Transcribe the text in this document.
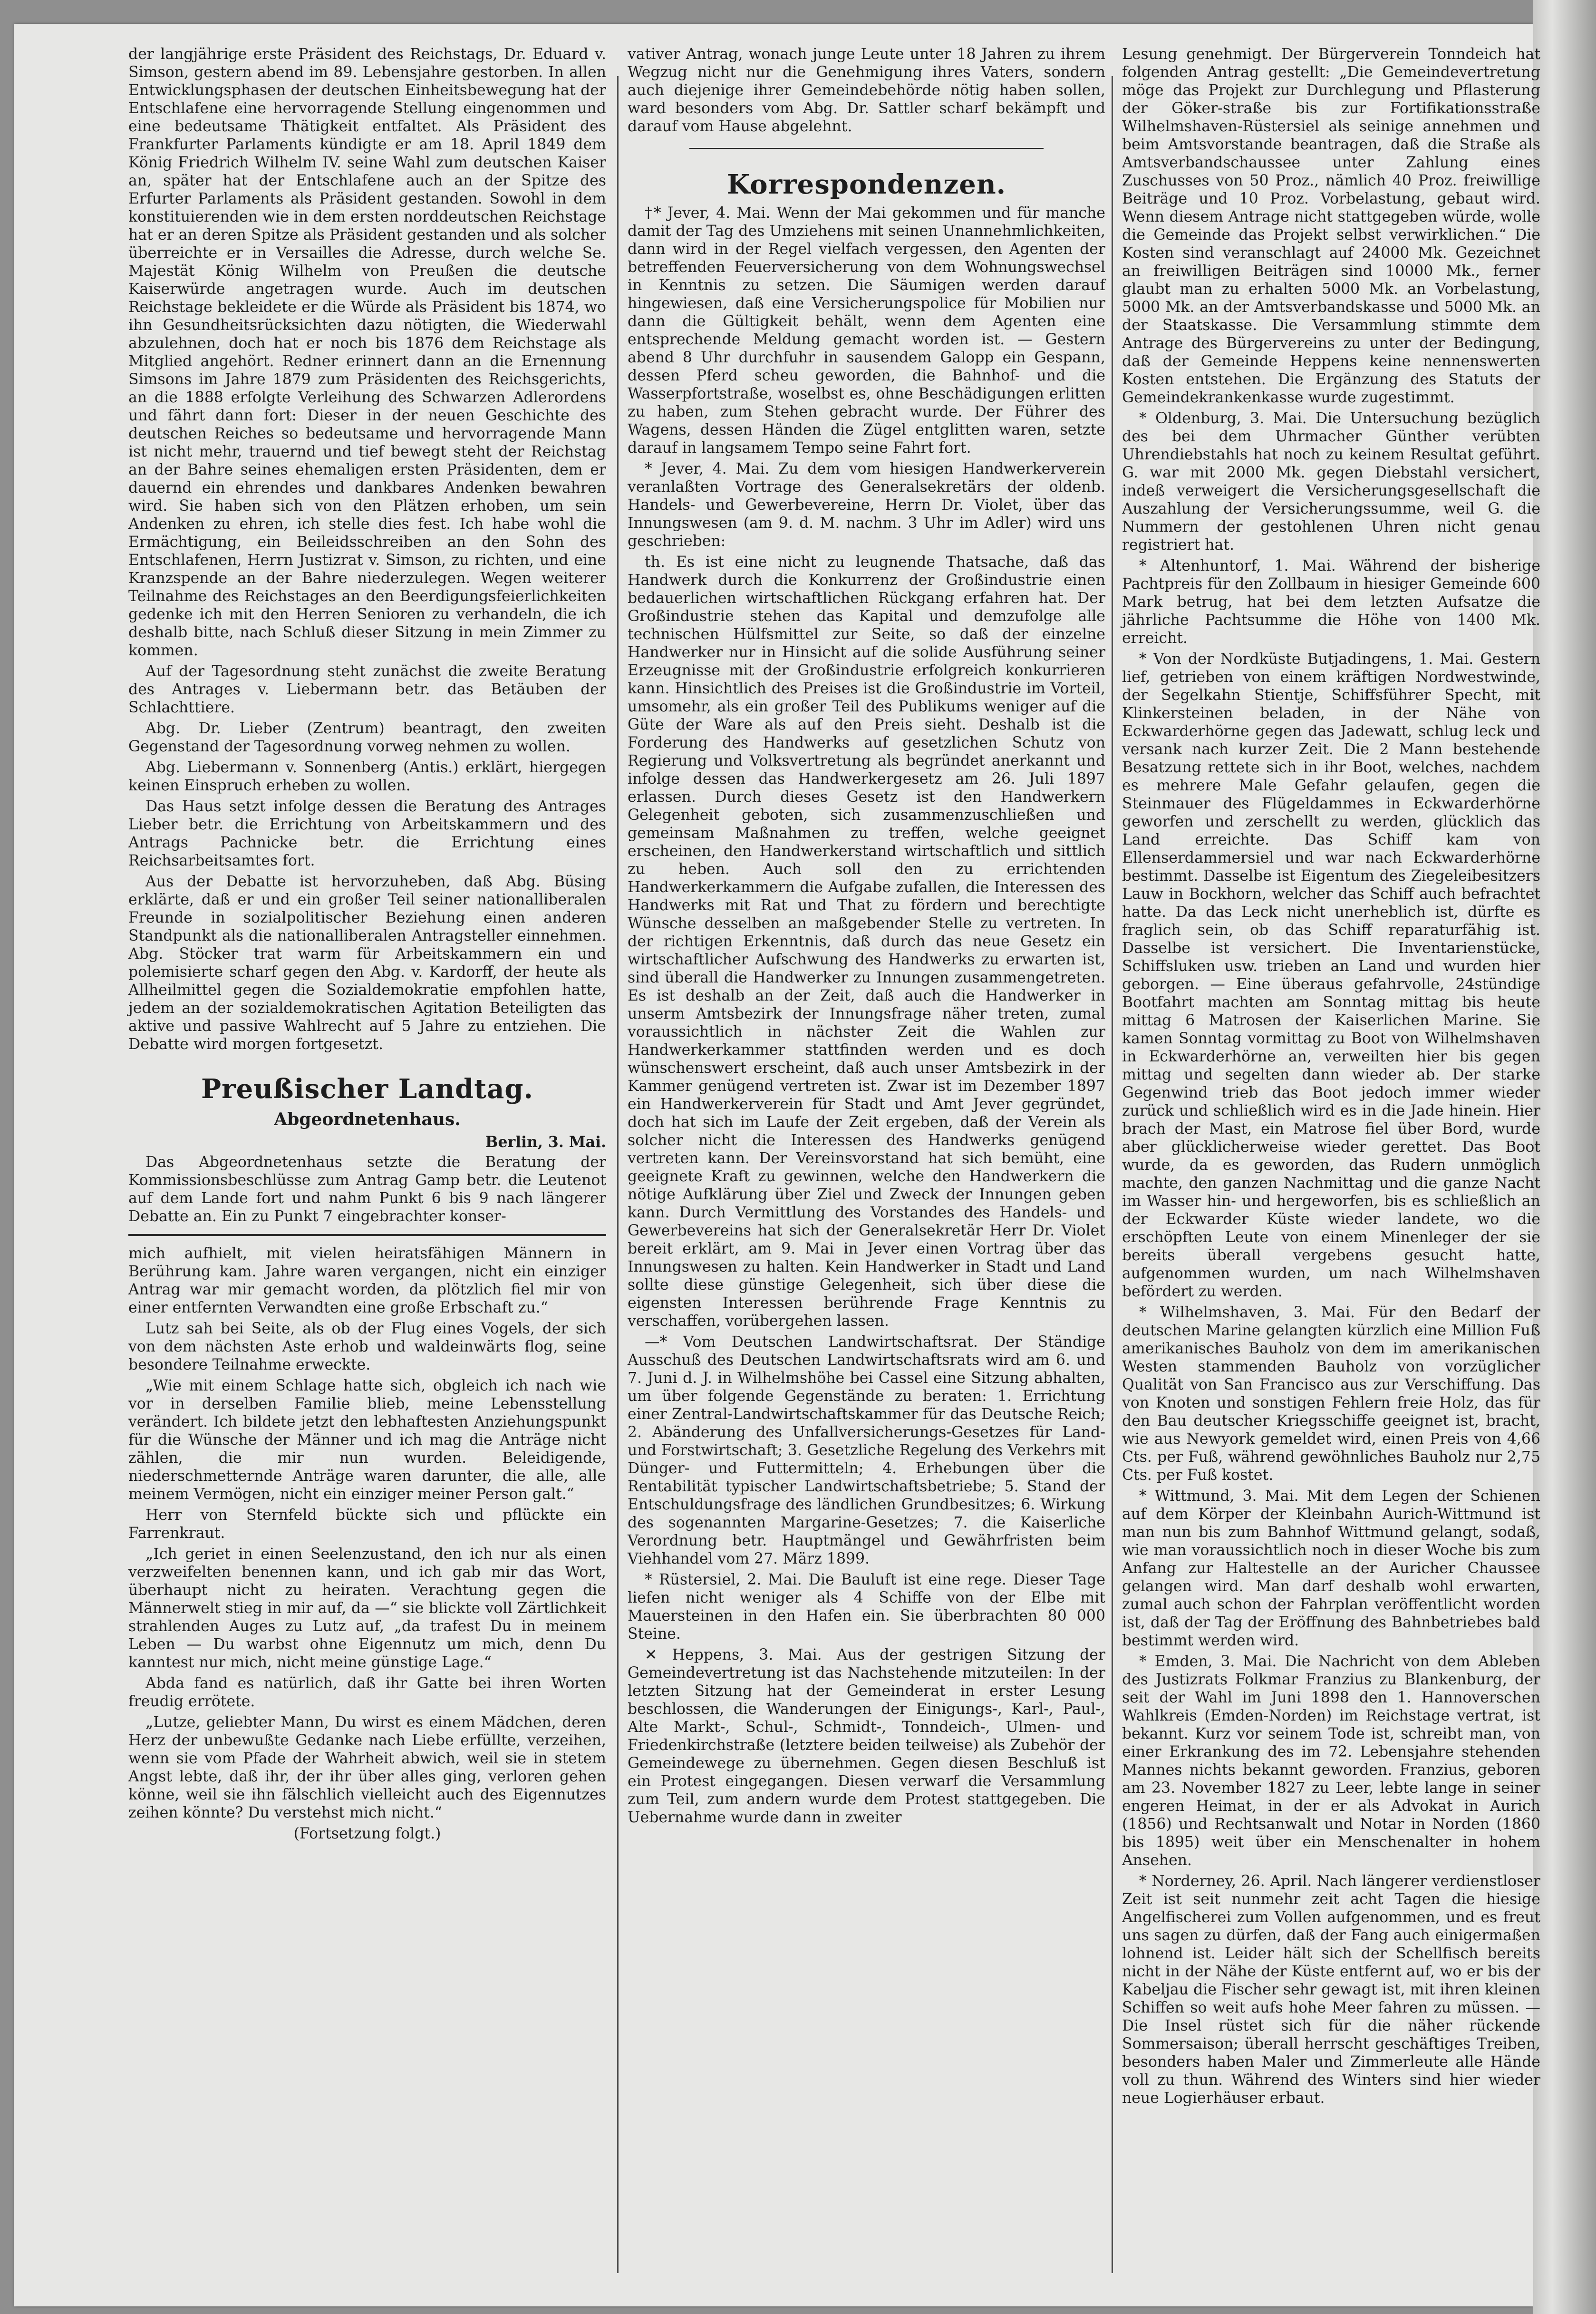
der langjährige erste Präsident des Reichstags, Dr. Eduard v. Simson, gestern abend im 89. Lebensjahre gestorben. In allen Entwicklungsphasen der deutschen Einheitsbewegung hat der Entschlafene eine hervorragende Stellung eingenommen und eine bedeutsame Thätigkeit entfaltet. Als Präsident des Frankfurter Parlaments kündigte er am 18. April 1849 dem König Friedrich Wilhelm IV. seine Wahl zum deutschen Kaiser an, später hat der Entschlafene auch an der Spitze des Erfurter Parlaments als Präsident gestanden. Sowohl in dem konstituierenden wie in dem ersten norddeutschen Reichstage hat er an deren Spitze als Präsident gestanden und als solcher überreichte er in Versailles die Adresse, durch welche Se. Majestät König Wilhelm von Preußen die deutsche Kaiserwürde angetragen wurde. Auch im deutschen Reichstage bekleidete er die Würde als Präsident bis 1874, wo ihn Gesundheitsrücksichten dazu nötigten, die Wiederwahl abzulehnen, doch hat er noch bis 1876 dem Reichstage als Mitglied angehört. Redner erinnert dann an die Ernennung Simsons im Jahre 1879 zum Präsidenten des Reichsgerichts, an die 1888 erfolgte Verleihung des Schwarzen Adlerordens und fährt dann fort: Dieser in der neuen Geschichte des deutschen Reiches so bedeutsame und hervorragende Mann ist nicht mehr, trauernd und tief bewegt steht der Reichstag an der Bahre seines ehemaligen ersten Präsidenten, dem er dauernd ein ehrendes und dankbares Andenken bewahren wird. Sie haben sich von den Plätzen erhoben, um sein Andenken zu ehren, ich stelle dies fest. Ich habe wohl die Ermächtigung, ein Beileidsschreiben an den Sohn des Entschlafenen, Herrn Justizrat v. Simson, zu richten, und eine Kranzspende an der Bahre niederzulegen. Wegen weiterer Teilnahme des Reichstages an den Beerdigungsfeierlichkeiten gedenke ich mit den Herren Senioren zu verhandeln, die ich deshalb bitte, nach Schluß dieser Sitzung in mein Zimmer zu kommen.

Auf der Tagesordnung steht zunächst die zweite Beratung des Antrages v. Liebermann betr. das Betäuben der Schlachttiere.

Abg. Dr. Lieber (Zentrum) beantragt, den zweiten Gegenstand der Tagesordnung vorweg nehmen zu wollen.

Abg. Liebermann v. Sonnenberg (Antis.) erklärt, hiergegen keinen Einspruch erheben zu wollen.

Das Haus setzt infolge dessen die Beratung des Antrages Lieber betr. die Errichtung von Arbeitskammern und des Antrags Pachnicke betr. die Errichtung eines Reichsarbeitsamtes fort.

Aus der Debatte ist hervorzuheben, daß Abg. Büsing erklärte, daß er und ein großer Teil seiner nationalliberalen Freunde in sozialpolitischer Beziehung einen anderen Standpunkt als die nationalliberalen Antragsteller einnehmen. Abg. Stöcker trat warm für Arbeitskammern ein und polemisierte scharf gegen den Abg. v. Kardorff, der heute als Allheilmittel gegen die Sozialdemokratie empfohlen hatte, jedem an der sozialdemokratischen Agitation Beteiligten das aktive und passive Wahlrecht auf 5 Jahre zu entziehen. Die Debatte wird morgen fortgesetzt.

Preußischer Landtag.
Abgeordnetenhaus.
Berlin, 3. Mai.

Das Abgeordnetenhaus setzte die Beratung der Kommissionsbeschlüsse zum Antrag Gamp betr. die Leutenot auf dem Lande fort und nahm Punkt 6 bis 9 nach längerer Debatte an. Ein zu Punkt 7 eingebrachter konser-

mich aufhielt, mit vielen heiratsfähigen Männern in Berührung kam. Jahre waren vergangen, nicht ein einziger Antrag war mir gemacht worden, da plötzlich fiel mir von einer entfernten Verwandten eine große Erbschaft zu.“

Lutz sah bei Seite, als ob der Flug eines Vogels, der sich von dem nächsten Aste erhob und waldeinwärts flog, seine besondere Teilnahme erweckte.

„Wie mit einem Schlage hatte sich, obgleich ich nach wie vor in derselben Familie blieb, meine Lebensstellung verändert. Ich bildete jetzt den lebhaftesten Anziehungspunkt für die Wünsche der Männer und ich mag die Anträge nicht zählen, die mir nun wurden. Beleidigende, niederschmetternde Anträge waren darunter, die alle, alle meinem Vermögen, nicht ein einziger meiner Person galt.“

Herr von Sternfeld bückte sich und pflückte ein Farrenkraut.

„Ich geriet in einen Seelenzustand, den ich nur als einen verzweifelten benennen kann, und ich gab mir das Wort, überhaupt nicht zu heiraten. Verachtung gegen die Männerwelt stieg in mir auf, da —“ sie blickte voll Zärtlichkeit strahlenden Auges zu Lutz auf, „da trafest Du in meinem Leben — Du warbst ohne Eigennutz um mich, denn Du kanntest nur mich, nicht meine günstige Lage.“

Abda fand es natürlich, daß ihr Gatte bei ihren Worten freudig errötete.

„Lutze, geliebter Mann, Du wirst es einem Mädchen, deren Herz der unbewußte Gedanke nach Liebe erfüllte, verzeihen, wenn sie vom Pfade der Wahrheit abwich, weil sie in stetem Angst lebte, daß ihr, der ihr über alles ging, verloren gehen könne, weil sie ihn fälschlich vielleicht auch des Eigennutzes zeihen könnte? Du verstehst mich nicht.“

(Fortsetzung folgt.)

vativer Antrag, wonach junge Leute unter 18 Jahren zu ihrem Wegzug nicht nur die Genehmigung ihres Vaters, sondern auch diejenige ihrer Gemeindebehörde nötig haben sollen, ward besonders vom Abg. Dr. Sattler scharf bekämpft und darauf vom Hause abgelehnt.

Korrespondenzen.

†* Jever, 4. Mai. Wenn der Mai gekommen und für manche damit der Tag des Umziehens mit seinen Unannehmlichkeiten, dann wird in der Regel vielfach vergessen, den Agenten der betreffenden Feuerversicherung von dem Wohnungswechsel in Kenntnis zu setzen. Die Säumigen werden darauf hingewiesen, daß eine Versicherungspolice für Mobilien nur dann die Gültigkeit behält, wenn dem Agenten eine entsprechende Meldung gemacht worden ist. — Gestern abend 8 Uhr durchfuhr in sausendem Galopp ein Gespann, dessen Pferd scheu geworden, die Bahnhof- und die Wasserpfortstraße, woselbst es, ohne Beschädigungen erlitten zu haben, zum Stehen gebracht wurde. Der Führer des Wagens, dessen Händen die Zügel entglitten waren, setzte darauf in langsamem Tempo seine Fahrt fort.

* Jever, 4. Mai. Zu dem vom hiesigen Handwerkerverein veranlaßten Vortrage des Generalsekretärs der oldenb. Handels- und Gewerbevereine, Herrn Dr. Violet, über das Innungswesen (am 9. d. M. nachm. 3 Uhr im Adler) wird uns geschrieben:

th. Es ist eine nicht zu leugnende Thatsache, daß das Handwerk durch die Konkurrenz der Großindustrie einen bedauerlichen wirtschaftlichen Rückgang erfahren hat. Der Großindustrie stehen das Kapital und demzufolge alle technischen Hülfsmittel zur Seite, so daß der einzelne Handwerker nur in Hinsicht auf die solide Ausführung seiner Erzeugnisse mit der Großindustrie erfolgreich konkurrieren kann. Hinsichtlich des Preises ist die Großindustrie im Vorteil, umsomehr, als ein großer Teil des Publikums weniger auf die Güte der Ware als auf den Preis sieht. Deshalb ist die Forderung des Handwerks auf gesetzlichen Schutz von Regierung und Volksvertretung als begründet anerkannt und infolge dessen das Handwerkergesetz am 26. Juli 1897 erlassen. Durch dieses Gesetz ist den Handwerkern Gelegenheit geboten, sich zusammenzuschließen und gemeinsam Maßnahmen zu treffen, welche geeignet erscheinen, den Handwerkerstand wirtschaftlich und sittlich zu heben. Auch soll den zu errichtenden Handwerkerkammern die Aufgabe zufallen, die Interessen des Handwerks mit Rat und That zu fördern und berechtigte Wünsche desselben an maßgebender Stelle zu vertreten. In der richtigen Erkenntnis, daß durch das neue Gesetz ein wirtschaftlicher Aufschwung des Handwerks zu erwarten ist, sind überall die Handwerker zu Innungen zusammengetreten. Es ist deshalb an der Zeit, daß auch die Handwerker in unserm Amtsbezirk der Innungsfrage näher treten, zumal voraussichtlich in nächster Zeit die Wahlen zur Handwerkerkammer stattfinden werden und es doch wünschenswert erscheint, daß auch unser Amtsbezirk in der Kammer genügend vertreten ist. Zwar ist im Dezember 1897 ein Handwerkerverein für Stadt und Amt Jever gegründet, doch hat sich im Laufe der Zeit ergeben, daß der Verein als solcher nicht die Interessen des Handwerks genügend vertreten kann. Der Vereinsvorstand hat sich bemüht, eine geeignete Kraft zu gewinnen, welche den Handwerkern die nötige Aufklärung über Ziel und Zweck der Innungen geben kann. Durch Vermittlung des Vorstandes des Handels- und Gewerbevereins hat sich der Generalsekretär Herr Dr. Violet bereit erklärt, am 9. Mai in Jever einen Vortrag über das Innungswesen zu halten. Kein Handwerker in Stadt und Land sollte diese günstige Gelegenheit, sich über diese die eigensten Interessen berührende Frage Kenntnis zu verschaffen, vorübergehen lassen.

—* Vom Deutschen Landwirtschaftsrat. Der Ständige Ausschuß des Deutschen Landwirtschaftsrats wird am 6. und 7. Juni d. J. in Wilhelmshöhe bei Cassel eine Sitzung abhalten, um über folgende Gegenstände zu beraten: 1. Errichtung einer Zentral-Landwirtschaftskammer für das Deutsche Reich; 2. Abänderung des Unfallversicherungs-Gesetzes für Land- und Forstwirtschaft; 3. Gesetzliche Regelung des Verkehrs mit Dünger- und Futtermitteln; 4. Erhebungen über die Rentabilität typischer Landwirtschaftsbetriebe; 5. Stand der Entschuldungsfrage des ländlichen Grundbesitzes; 6. Wirkung des sogenannten Margarine-Gesetzes; 7. die Kaiserliche Verordnung betr. Hauptmängel und Gewährfristen beim Viehhandel vom 27. März 1899.

* Rüstersiel, 2. Mai. Die Bauluft ist eine rege. Dieser Tage liefen nicht weniger als 4 Schiffe von der Elbe mit Mauersteinen in den Hafen ein. Sie überbrachten 80 000 Steine.

✕ Heppens, 3. Mai. Aus der gestrigen Sitzung der Gemeindevertretung ist das Nachstehende mitzuteilen: In der letzten Sitzung hat der Gemeinderat in erster Lesung beschlossen, die Wanderungen der Einigungs-, Karl-, Paul-, Alte Markt-, Schul-, Schmidt-, Tonndeich-, Ulmen- und Friedenkirchstraße (letztere beiden teilweise) als Zubehör der Gemeindewege zu übernehmen. Gegen diesen Beschluß ist ein Protest eingegangen. Diesen verwarf die Versammlung zum Teil, zum andern wurde dem Protest stattgegeben. Die Uebernahme wurde dann in zweiter

Lesung genehmigt. Der Bürgerverein Tonndeich hat folgenden Antrag gestellt: „Die Gemeindevertretung möge das Projekt zur Durchlegung und Pflasterung der Göker-straße bis zur Fortifikationsstraße Wilhelmshaven-Rüstersiel als seinige annehmen und beim Amtsvorstande beantragen, daß die Straße als Amtsverbandschaussee unter Zahlung eines Zuschusses von 50 Proz., nämlich 40 Proz. freiwillige Beiträge und 10 Proz. Vorbelastung, gebaut wird. Wenn diesem Antrage nicht stattgegeben würde, wolle die Gemeinde das Projekt selbst verwirklichen.“ Die Kosten sind veranschlagt auf 24000 Mk. Gezeichnet an freiwilligen Beiträgen sind 10000 Mk., ferner glaubt man zu erhalten 5000 Mk. an Vorbelastung, 5000 Mk. an der Amtsverbandskasse und 5000 Mk. an der Staatskasse. Die Versammlung stimmte dem Antrage des Bürgervereins zu unter der Bedingung, daß der Gemeinde Heppens keine nennenswerten Kosten entstehen. Die Ergänzung des Statuts der Gemeindekrankenkasse wurde zugestimmt.

* Oldenburg, 3. Mai. Die Untersuchung bezüglich des bei dem Uhrmacher Günther verübten Uhrendiebstahls hat noch zu keinem Resultat geführt. G. war mit 2000 Mk. gegen Diebstahl versichert, indeß verweigert die Versicherungsgesellschaft die Auszahlung der Versicherungssumme, weil G. die Nummern der gestohlenen Uhren nicht genau registriert hat.

* Altenhuntorf, 1. Mai. Während der bisherige Pachtpreis für den Zollbaum in hiesiger Gemeinde 600 Mark betrug, hat bei dem letzten Aufsatze die jährliche Pachtsumme die Höhe von 1400 Mk. erreicht.

* Von der Nordküste Butjadingens, 1. Mai. Gestern lief, getrieben von einem kräftigen Nordwestwinde, der Segelkahn Stientje, Schiffsführer Specht, mit Klinkersteinen beladen, in der Nähe von Eckwarderhörne gegen das Jadewatt, schlug leck und versank nach kurzer Zeit. Die 2 Mann bestehende Besatzung rettete sich in ihr Boot, welches, nachdem es mehrere Male Gefahr gelaufen, gegen die Steinmauer des Flügeldammes in Eckwarderhörne geworfen und zerschellt zu werden, glücklich das Land erreichte. Das Schiff kam von Ellenserdammersiel und war nach Eckwarderhörne bestimmt. Dasselbe ist Eigentum des Ziegeleibesitzers Lauw in Bockhorn, welcher das Schiff auch befrachtet hatte. Da das Leck nicht unerheblich ist, dürfte es fraglich sein, ob das Schiff reparaturfähig ist. Dasselbe ist versichert. Die Inventarienstücke, Schiffsluken usw. trieben an Land und wurden hier geborgen. — Eine überaus gefahrvolle, 24stündige Bootfahrt machten am Sonntag mittag bis heute mittag 6 Matrosen der Kaiserlichen Marine. Sie kamen Sonntag vormittag zu Boot von Wilhelmshaven in Eckwarderhörne an, verweilten hier bis gegen mittag und segelten dann wieder ab. Der starke Gegenwind trieb das Boot jedoch immer wieder zurück und schließlich wird es in die Jade hinein. Hier brach der Mast, ein Matrose fiel über Bord, wurde aber glücklicherweise wieder gerettet. Das Boot wurde, da es geworden, das Rudern unmöglich machte, den ganzen Nachmittag und die ganze Nacht im Wasser hin- und hergeworfen, bis es schließlich an der Eckwarder Küste wieder landete, wo die erschöpften Leute von einem Minenleger der sie bereits überall vergebens gesucht hatte, aufgenommen wurden, um nach Wilhelmshaven befördert zu werden.

* Wilhelmshaven, 3. Mai. Für den Bedarf der deutschen Marine gelangten kürzlich eine Million Fuß amerikanisches Bauholz von dem im amerikanischen Westen stammenden Bauholz von vorzüglicher Qualität von San Francisco aus zur Verschiffung. Das von Knoten und sonstigen Fehlern freie Holz, das für den Bau deutscher Kriegsschiffe geeignet ist, bracht, wie aus Newyork gemeldet wird, einen Preis von 4,66 Cts. per Fuß, während gewöhnliches Bauholz nur 2,75 Cts. per Fuß kostet.

* Wittmund, 3. Mai. Mit dem Legen der Schienen auf dem Körper der Kleinbahn Aurich-Wittmund ist man nun bis zum Bahnhof Wittmund gelangt, sodaß, wie man voraussichtlich noch in dieser Woche bis zum Anfang zur Haltestelle an der Auricher Chaussee gelangen wird. Man darf deshalb wohl erwarten, zumal auch schon der Fahrplan veröffentlicht worden ist, daß der Tag der Eröffnung des Bahnbetriebes bald bestimmt werden wird.

* Emden, 3. Mai. Die Nachricht von dem Ableben des Justizrats Folkmar Franzius zu Blankenburg, der seit der Wahl im Juni 1898 den 1. Hannoverschen Wahlkreis (Emden-Norden) im Reichstage vertrat, ist bekannt. Kurz vor seinem Tode ist, schreibt man, von einer Erkrankung des im 72. Lebensjahre stehenden Mannes nichts bekannt geworden. Franzius, geboren am 23. November 1827 zu Leer, lebte lange in seiner engeren Heimat, in der er als Advokat in Aurich (1856) und Rechtsanwalt und Notar in Norden (1860 bis 1895) weit über ein Menschenalter in hohem Ansehen.

* Norderney, 26. April. Nach längerer verdienstloser Zeit ist seit nunmehr zeit acht Tagen die hiesige Angelfischerei zum Vollen aufgenommen, und es freut uns sagen zu dürfen, daß der Fang auch einigermaßen lohnend ist. Leider hält sich der Schellfisch bereits nicht in der Nähe der Küste entfernt auf, wo er bis der Kabeljau die Fischer sehr gewagt ist, mit ihren kleinen Schiffen so weit aufs hohe Meer fahren zu müssen. — Die Insel rüstet sich für die näher rückende Sommersaison; überall herrscht geschäftiges Treiben, besonders haben Maler und Zimmerleute alle Hände voll zu thun. Während des Winters sind hier wieder neue Logierhäuser erbaut.
